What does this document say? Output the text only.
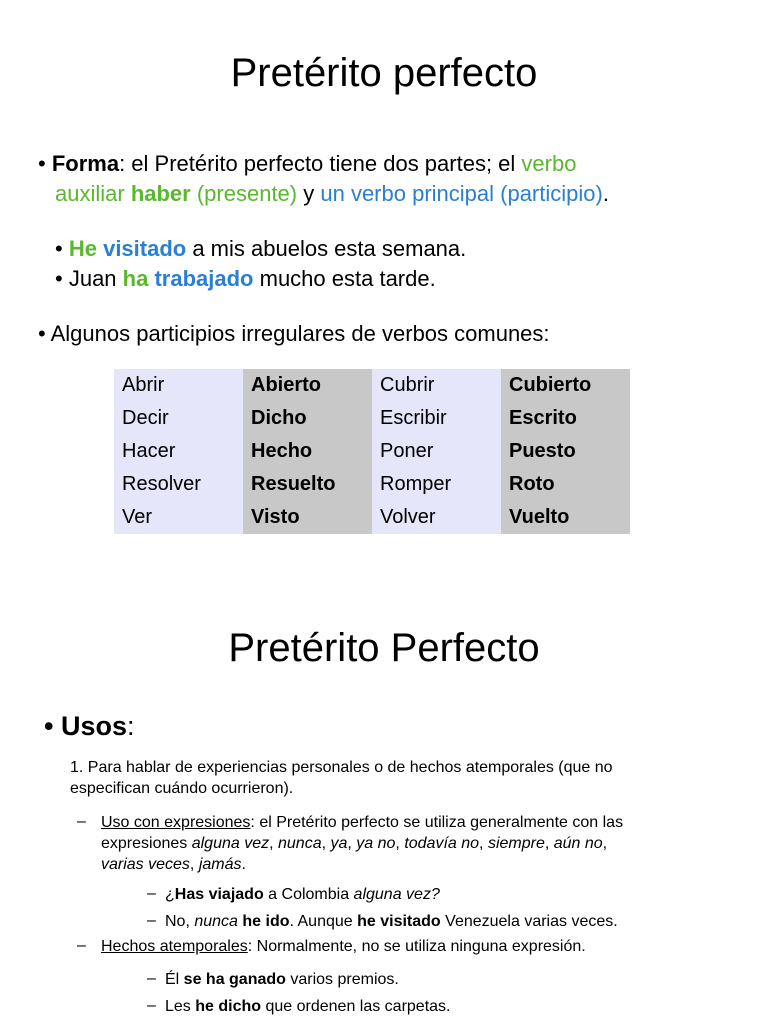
Pretérito perfecto
• Forma: el Pretérito perfecto tiene dos partes; el verbo
auxiliar haber (presente) y un verbo principal (participio).
• He visitado a mis abuelos esta semana.
• Juan ha trabajado mucho esta tarde.
• Algunos participios irregulares de verbos comunes:
Abrir	Abierto	Cubrir	Cubierto
Decir	Dicho	Escribir	Escrito
Hacer	Hecho	Poner	Puesto
Resolver	Resuelto	Romper	Roto
Ver	Visto	Volver	Vuelto
Pretérito Perfecto
• Usos:
1. Para hablar de experiencias personales o de hechos atemporales (que no
especifican cuándo ocurrieron).
– Uso con expresiones: el Pretérito perfecto se utiliza generalmente con las
expresiones alguna vez, nunca, ya, ya no, todavía no, siempre, aún no,
varias veces, jamás.
– ¿Has viajado a Colombia alguna vez?
– No, nunca he ido. Aunque he visitado Venezuela varias veces.
– Hechos atemporales: Normalmente, no se utiliza ninguna expresión.
– Él se ha ganado varios premios.
– Les he dicho que ordenen las carpetas.
